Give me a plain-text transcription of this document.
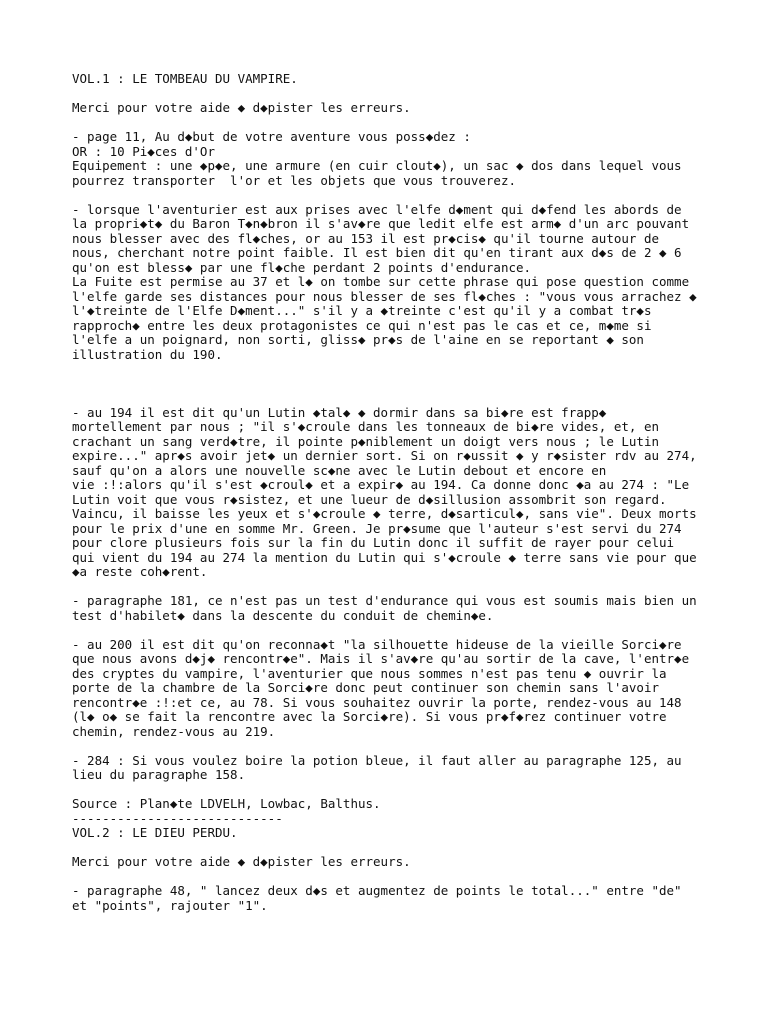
VOL.1 : LE TOMBEAU DU VAMPIRE.
Merci pour votre aide ◆ d◆pister les erreurs.
- page 11, Au d◆but de votre aventure vous poss◆dez :
OR : 10 Pi◆ces d'Or
Equipement : une ◆p◆e, une armure (en cuir clout◆), un sac ◆ dos dans lequel vous
pourrez transporter  l'or et les objets que vous trouverez.
- lorsque l'aventurier est aux prises avec l'elfe d◆ment qui d◆fend les abords de
la propri◆t◆ du Baron T◆n◆bron il s'av◆re que ledit elfe est arm◆ d'un arc pouvant
nous blesser avec des fl◆ches, or au 153 il est pr◆cis◆ qu'il tourne autour de
nous, cherchant notre point faible. Il est bien dit qu'en tirant aux d◆s de 2 ◆ 6
qu'on est bless◆ par une fl◆che perdant 2 points d'endurance.
La Fuite est permise au 37 et l◆ on tombe sur cette phrase qui pose question comme
l'elfe garde ses distances pour nous blesser de ses fl◆ches : "vous vous arrachez ◆
l'◆treinte de l'Elfe D◆ment..." s'il y a ◆treinte c'est qu'il y a combat tr◆s
rapproch◆ entre les deux protagonistes ce qui n'est pas le cas et ce, m◆me si
l'elfe a un poignard, non sorti, gliss◆ pr◆s de l'aine en se reportant ◆ son
illustration du 190.
- au 194 il est dit qu'un Lutin ◆tal◆ ◆ dormir dans sa bi◆re est frapp◆
mortellement par nous ; "il s'◆croule dans les tonneaux de bi◆re vides, et, en
crachant un sang verd◆tre, il pointe p◆niblement un doigt vers nous ; le Lutin
expire..." apr◆s avoir jet◆ un dernier sort. Si on r◆ussit ◆ y r◆sister rdv au 274,
sauf qu'on a alors une nouvelle sc◆ne avec le Lutin debout et encore en
vie :!:alors qu'il s'est ◆croul◆ et a expir◆ au 194. Ca donne donc ◆a au 274 : "Le
Lutin voit que vous r◆sistez, et une lueur de d◆sillusion assombrit son regard.
Vaincu, il baisse les yeux et s'◆croule ◆ terre, d◆sarticul◆, sans vie". Deux morts
pour le prix d'une en somme Mr. Green. Je pr◆sume que l'auteur s'est servi du 274
pour clore plusieurs fois sur la fin du Lutin donc il suffit de rayer pour celui
qui vient du 194 au 274 la mention du Lutin qui s'◆croule ◆ terre sans vie pour que
◆a reste coh◆rent.
- paragraphe 181, ce n'est pas un test d'endurance qui vous est soumis mais bien un
test d'habilet◆ dans la descente du conduit de chemin◆e.
- au 200 il est dit qu'on reconna◆t "la silhouette hideuse de la vieille Sorci◆re
que nous avons d◆j◆ rencontr◆e". Mais il s'av◆re qu'au sortir de la cave, l'entr◆e
des cryptes du vampire, l'aventurier que nous sommes n'est pas tenu ◆ ouvrir la
porte de la chambre de la Sorci◆re donc peut continuer son chemin sans l'avoir
rencontr◆e :!:et ce, au 78. Si vous souhaitez ouvrir la porte, rendez-vous au 148
(l◆ o◆ se fait la rencontre avec la Sorci◆re). Si vous pr◆f◆rez continuer votre
chemin, rendez-vous au 219.
- 284 : Si vous voulez boire la potion bleue, il faut aller au paragraphe 125, au
lieu du paragraphe 158.
Source : Plan◆te LDVELH, Lowbac, Balthus.
----------------------------
VOL.2 : LE DIEU PERDU.
Merci pour votre aide ◆ d◆pister les erreurs.
- paragraphe 48, " lancez deux d◆s et augmentez de points le total..." entre "de"
et "points", rajouter "1".
